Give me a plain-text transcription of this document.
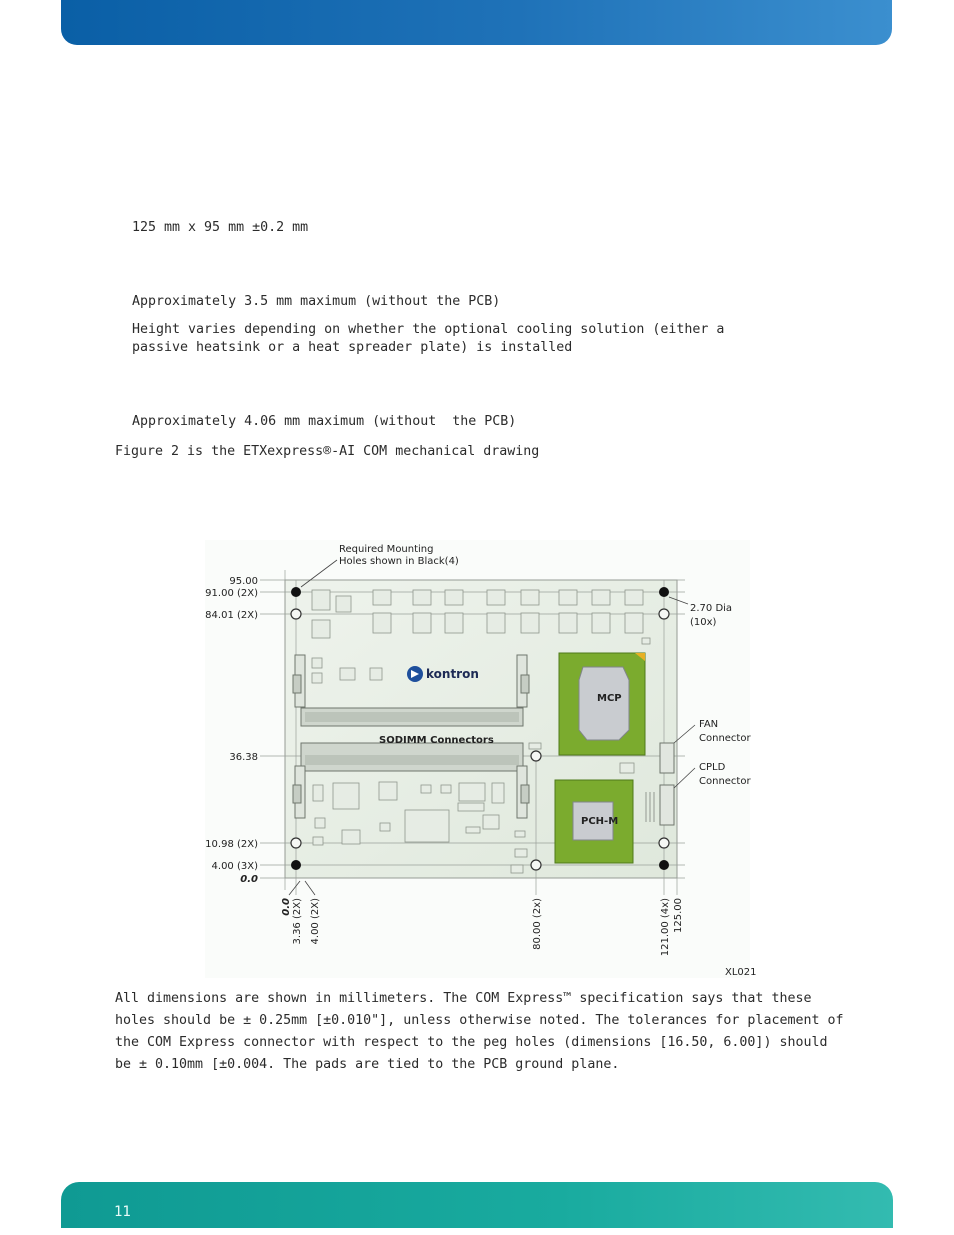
125 mm x 95 mm ±0.2 mm
Approximately 3.5 mm maximum (without the PCB)
Height varies depending on whether the optional cooling solution (either a
passive heatsink or a heat spreader plate) is installed
Approximately 4.06 mm maximum (without  the PCB)
Figure 2 is the ETXexpress®-AI COM mechanical drawing
SODIMM Connectors
kontron
MCP
PCH-M
Required Mounting
Holes shown in Black(4)
2.70 Dia
(10x)
FAN
Connector
CPLD
Connector
95.00
91.00 (2X)
84.01 (2X)
36.38
10.98 (2X)
4.00 (3X)
0.0
0.0 3.36 (2X) 4.00 (2X)	80.00 (2x)	121.00 (4x) 125.00
XL021
All dimensions are shown in millimeters. The COM Express™ specification says that these holes should be ± 0.25mm [±0.010"], unless otherwise noted. The tolerances for placement of the COM Express connector with respect to the peg holes (dimensions [16.50, 6.00]) should be ± 0.10mm [±0.004. The pads are tied to the PCB ground plane.
11
